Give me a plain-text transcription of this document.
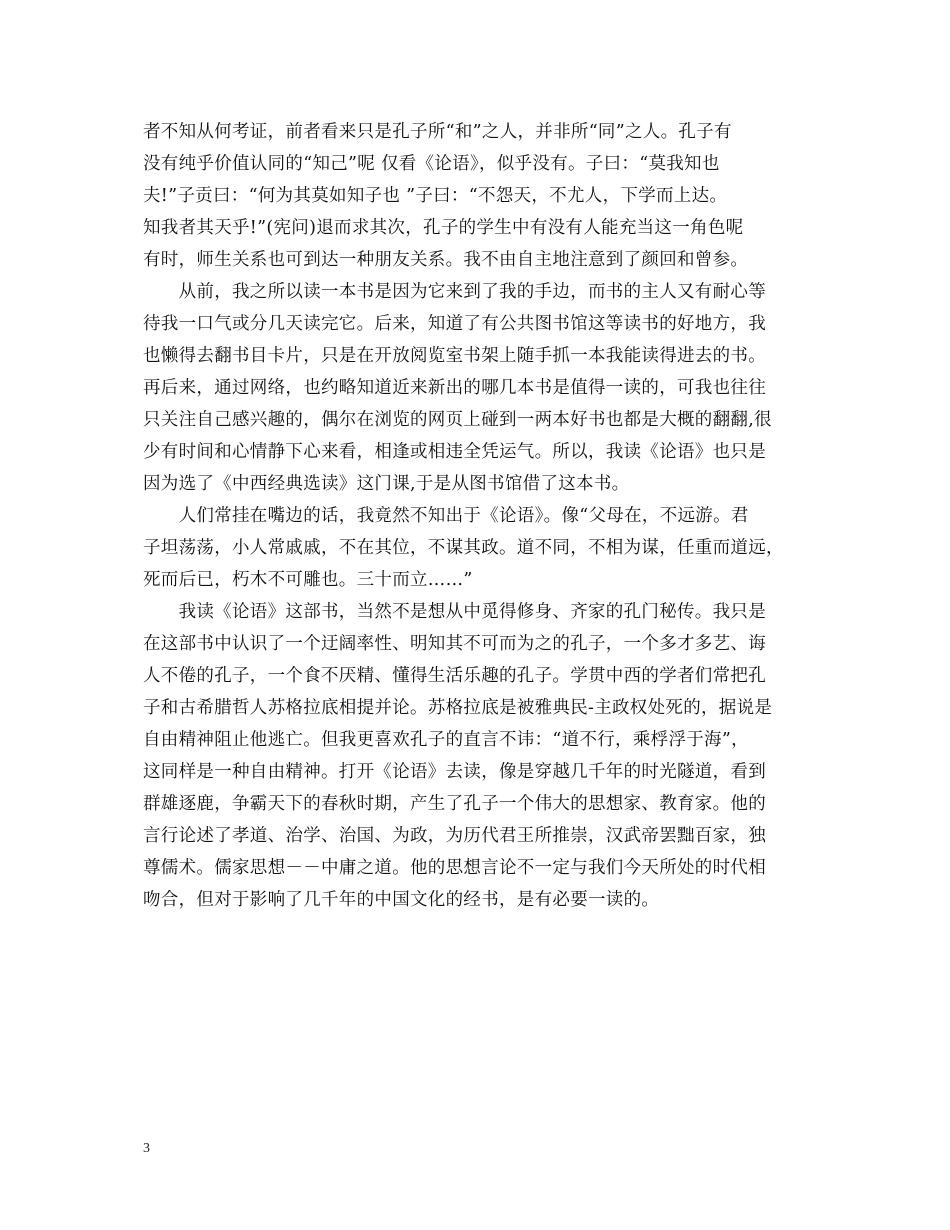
者不知从何考证，前者看来只是孔子所“和”之人，并非所“同”之人。孔子有
没有纯乎价值认同的“知己”呢 仅看《论语》，似乎没有。子曰：“莫我知也
夫!”子贡曰：“何为其莫如知子也 ”子曰：“不怨天，不尤人，下学而上达。
知我者其天乎!”(宪问)退而求其次，孔子的学生中有没有人能充当这一角色呢
有时，师生关系也可到达一种朋友关系。我不由自主地注意到了颜回和曾参。
　　从前，我之所以读一本书是因为它来到了我的手边，而书的主人又有耐心等
待我一口气或分几天读完它。后来，知道了有公共图书馆这等读书的好地方，我
也懒得去翻书目卡片，只是在开放阅览室书架上随手抓一本我能读得进去的书。
再后来，通过网络，也约略知道近来新出的哪几本书是值得一读的，可我也往往
只关注自己感兴趣的，偶尔在浏览的网页上碰到一两本好书也都是大概的翻翻,很
少有时间和心情静下心来看，相逢或相违全凭运气。所以，我读《论语》也只是
因为选了《中西经典选读》这门课,于是从图书馆借了这本书。
　　人们常挂在嘴边的话，我竟然不知出于《论语》。像“父母在，不远游。君
子坦荡荡，小人常戚戚，不在其位，不谋其政。道不同，不相为谋，任重而道远，
死而后已，朽木不可雕也。三十而立……”
　　我读《论语》这部书，当然不是想从中觅得修身、齐家的孔门秘传。我只是
在这部书中认识了一个迂阔率性、明知其不可而为之的孔子，一个多才多艺、诲
人不倦的孔子，一个食不厌精、懂得生活乐趣的孔子。学贯中西的学者们常把孔
子和古希腊哲人苏格拉底相提并论。苏格拉底是被雅典民-主政权处死的，据说是
自由精神阻止他逃亡。但我更喜欢孔子的直言不讳：“道不行，乘桴浮于海”，
这同样是一种自由精神。打开《论语》去读，像是穿越几千年的时光隧道，看到
群雄逐鹿，争霸天下的春秋时期，产生了孔子一个伟大的思想家、教育家。他的
言行论述了孝道、治学、治国、为政，为历代君王所推崇，汉武帝罢黜百家，独
尊儒术。儒家思想－－中庸之道。他的思想言论不一定与我们今天所处的时代相
吻合，但对于影响了几千年的中国文化的经书，是有必要一读的。
3
